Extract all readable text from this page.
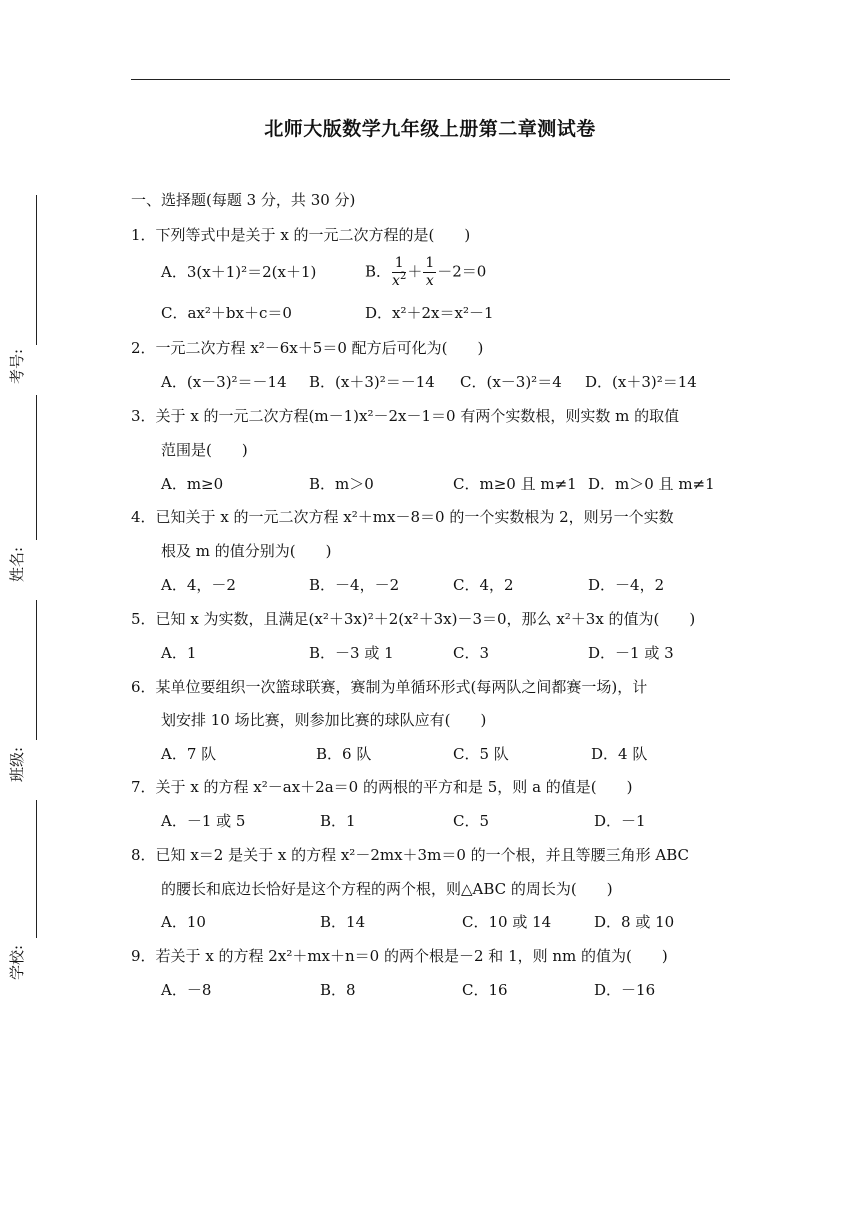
北师大版数学九年级上册第二章测试卷
考号:
姓名:
班级:
学校:
一、选择题(每题 3 分，共 30 分)
1．下列等式中是关于 x 的一元二次方程的是(　　)
A．3(x＋1)²＝2(x＋1)	B． $\frac{1}{x^2} + \frac{1}{x} -2=0$
C．ax²＋bx＋c＝0	D．x²＋2x＝x²－1
2．一元二次方程 x²－6x＋5＝0 配方后可化为(　　)
A．(x－3)²＝－14 B．(x＋3)²＝－14 C．(x－3)²＝4 D．(x＋3)²＝14
3．关于 x 的一元二次方程(m－1)x²－2x－1＝0 有两个实数根，则实数 m 的取值
范围是(　　)
A．m≥0	B．m＞0	C．m≥0 且 m≠1 D．m＞0 且 m≠1
4．已知关于 x 的一元二次方程 x²＋mx－8＝0 的一个实数根为 2，则另一个实数
根及 m 的值分别为(　　)
A．4，－2	B．－4，－2	C．4，2	D．－4，2
5．已知 x 为实数，且满足(x²＋3x)²＋2(x²＋3x)－3＝0，那么 x²＋3x 的值为(　　)
A．1	B．－3 或 1	C．3	D．－1 或 3
6．某单位要组织一次篮球联赛，赛制为单循环形式(每两队之间都赛一场)，计
划安排 10 场比赛，则参加比赛的球队应有(　　)
A．7 队	B．6 队	C．5 队	D．4 队
7．关于 x 的方程 x²－ax＋2a＝0 的两根的平方和是 5，则 a 的值是(　　)
A．－1 或 5	B．1	C．5	D．－1
8．已知 x＝2 是关于 x 的方程 x²－2mx＋3m＝0 的一个根，并且等腰三角形 ABC
的腰长和底边长恰好是这个方程的两个根，则△ABC 的周长为(　　)
A．10	B．14	C．10 或 14	D．8 或 10
9．若关于 x 的方程 2x²＋mx＋n＝0 的两个根是－2 和 1，则 nm 的值为(　　)
A．－8	B．8	C．16	D．－16
